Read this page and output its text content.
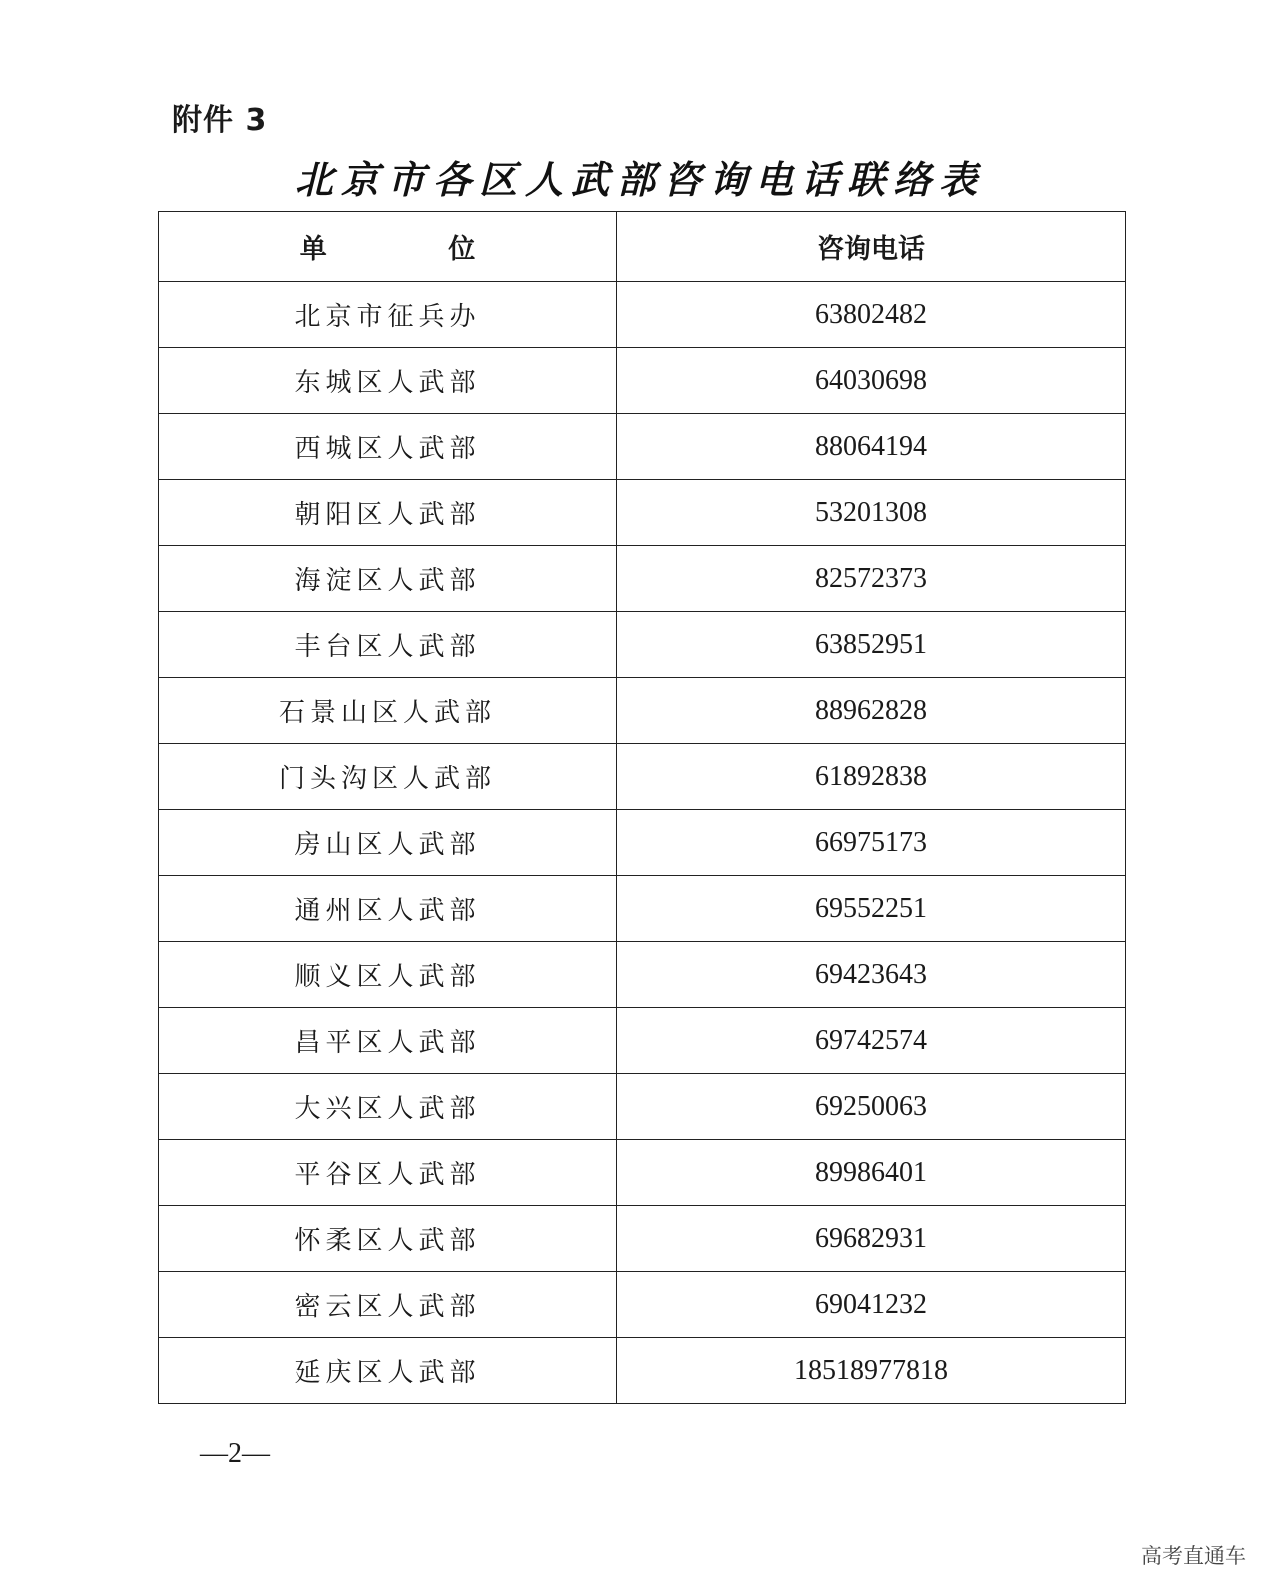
附件 3
北京市各区人武部咨询电话联络表
单 位	咨询电话
北京市征兵办	63802482
东城区人武部	64030698
西城区人武部	88064194
朝阳区人武部	53201308
海淀区人武部	82572373
丰台区人武部	63852951
石景山区人武部	88962828
门头沟区人武部	61892838
房山区人武部	66975173
通州区人武部	69552251
顺义区人武部	69423643
昌平区人武部	69742574
大兴区人武部	69250063
平谷区人武部	89986401
怀柔区人武部	69682931
密云区人武部	69041232
延庆区人武部	18518977818
—2—
高考直通车
